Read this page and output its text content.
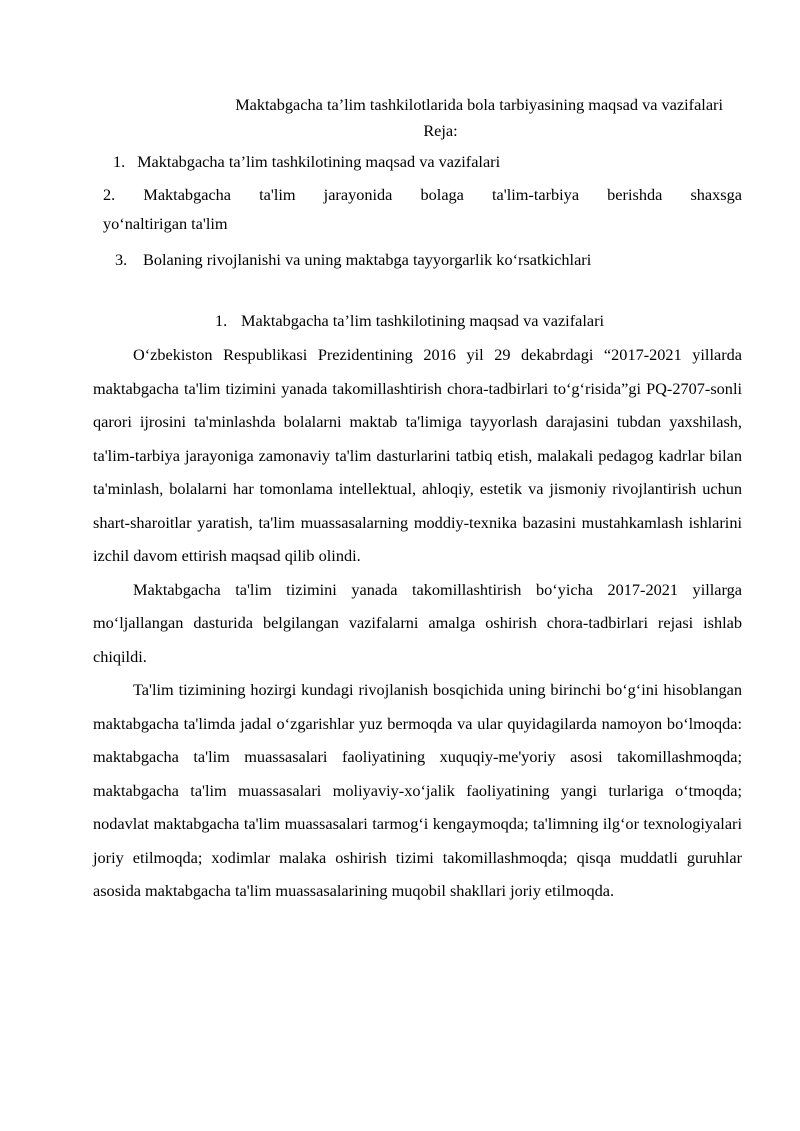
Maktabgacha ta’lim tashkilotlarida bola tarbiyasining maqsad va vazifalari

Reja:

1. Maktabgacha ta’lim tashkilotining maqsad va vazifalari

2. Maktabgacha ta'lim jarayonida bolaga ta'lim-tarbiya berishda shaxsga

yo‘naltirigan ta'lim

3. Bolaning rivojlanishi va uning maktabga tayyorgarlik ko‘rsatkichlari

1. Maktabgacha ta’lim tashkilotining maqsad va vazifalari

O‘zbekiston Respublikasi Prezidentining 2016 yil 29 dekabrdagi “2017-2021 yillarda maktabgacha ta'lim tizimini yanada takomillashtirish chora-tadbirlari to‘g‘risida”gi PQ-2707-sonli qarori ijrosini ta'minlashda bolalarni maktab ta'limiga tayyorlash darajasini tubdan yaxshilash, ta'lim-tarbiya jarayoniga zamonaviy ta'lim dasturlarini tatbiq etish, malakali pedagog kadrlar bilan ta'minlash, bolalarni har tomonlama intellektual, ahloqiy, estetik va jismoniy rivojlantirish uchun shart-sharoitlar yaratish, ta'lim muassasalarning moddiy-texnika bazasini mustahkamlash ishlarini izchil davom ettirish maqsad qilib olindi.

Maktabgacha ta'lim tizimini yanada takomillashtirish bo‘yicha 2017-2021 yillarga mo‘ljallangan dasturida belgilangan vazifalarni amalga oshirish chora-tadbirlari rejasi ishlab chiqildi.

Ta'lim tizimining hozirgi kundagi rivojlanish bosqichida uning birinchi bo‘g‘ini hisoblangan maktabgacha ta'limda jadal o‘zgarishlar yuz bermoqda va ular quyidagilarda namoyon bo‘lmoqda: maktabgacha ta'lim muassasalari faoliyatining xuquqiy-me'yoriy asosi takomillashmoqda; maktabgacha ta'lim muassasalari moliyaviy-xo‘jalik faoliyatining yangi turlariga o‘tmoqda; nodavlat maktabgacha ta'lim muassasalari tarmog‘i kengaymoqda; ta'limning ilg‘or texnologiyalari joriy etilmoqda; xodimlar malaka oshirish tizimi takomillashmoqda; qisqa muddatli guruhlar asosida maktabgacha ta'lim muassasalarining muqobil shakllari joriy etilmoqda.
